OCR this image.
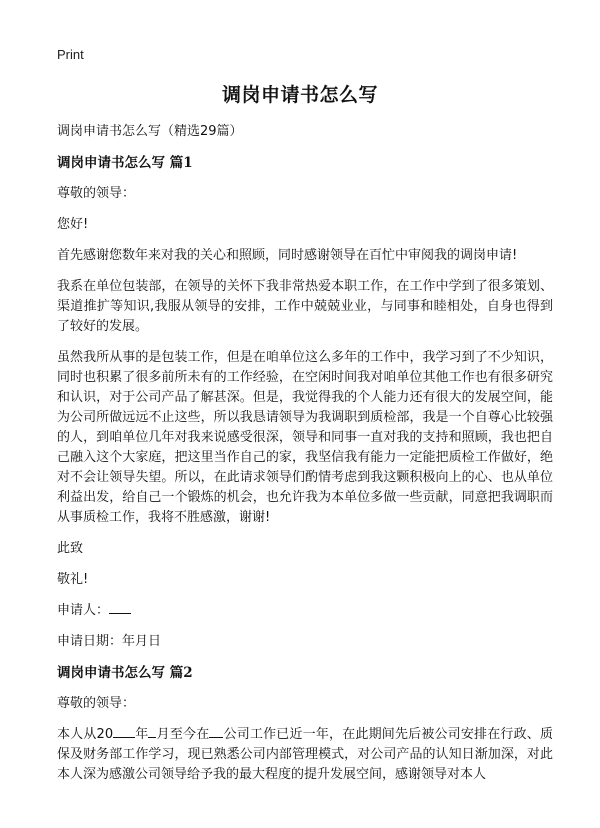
Print
调岗申请书怎么写

调岗申请书怎么写（精选29篇）

调岗申请书怎么写 篇1

尊敬的领导：

您好!

首先感谢您数年来对我的关心和照顾，同时感谢领导在百忙中审阅我的调岗申请!

我系在单位包装部，在领导的关怀下我非常热爱本职工作，在工作中学到了很多策划、渠道推扩等知识,我服从领导的安排，工作中兢兢业业，与同事和睦相处，自身也得到了较好的发展。

虽然我所从事的是包装工作，但是在咱单位这么多年的工作中，我学习到了不少知识，同时也积累了很多前所未有的工作经验，在空闲时间我对咱单位其他工作也有很多研究和认识，对于公司产品了解甚深。但是，我觉得我的个人能力还有很大的发展空间，能为公司所做远远不止这些，所以我恳请领导为我调职到质检部，我是一个自尊心比较强的人，到咱单位几年对我来说感受很深，领导和同事一直对我的支持和照顾，我也把自己融入这个大家庭，把这里当作自己的家，我坚信我有能力一定能把质检工作做好，绝对不会让领导失望。所以，在此请求领导们酌情考虑到我这颗积极向上的心、也从单位利益出发，给自己一个锻炼的机会，也允许我为本单位多做一些贡献，同意把我调职而从事质检工作，我将不胜感激，谢谢!

此致

敬礼!

申请人：

申请日期：年月日

调岗申请书怎么写 篇2

尊敬的领导：

本人从20 年 月至今在 公司工作已近一年，在此期间先后被公司安排在行政、质保及财务部工作学习，现已熟悉公司内部管理模式，对公司产品的认知日渐加深，对此本人深为感激公司领导给予我的最大程度的提升发展空间，感谢领导对本人
